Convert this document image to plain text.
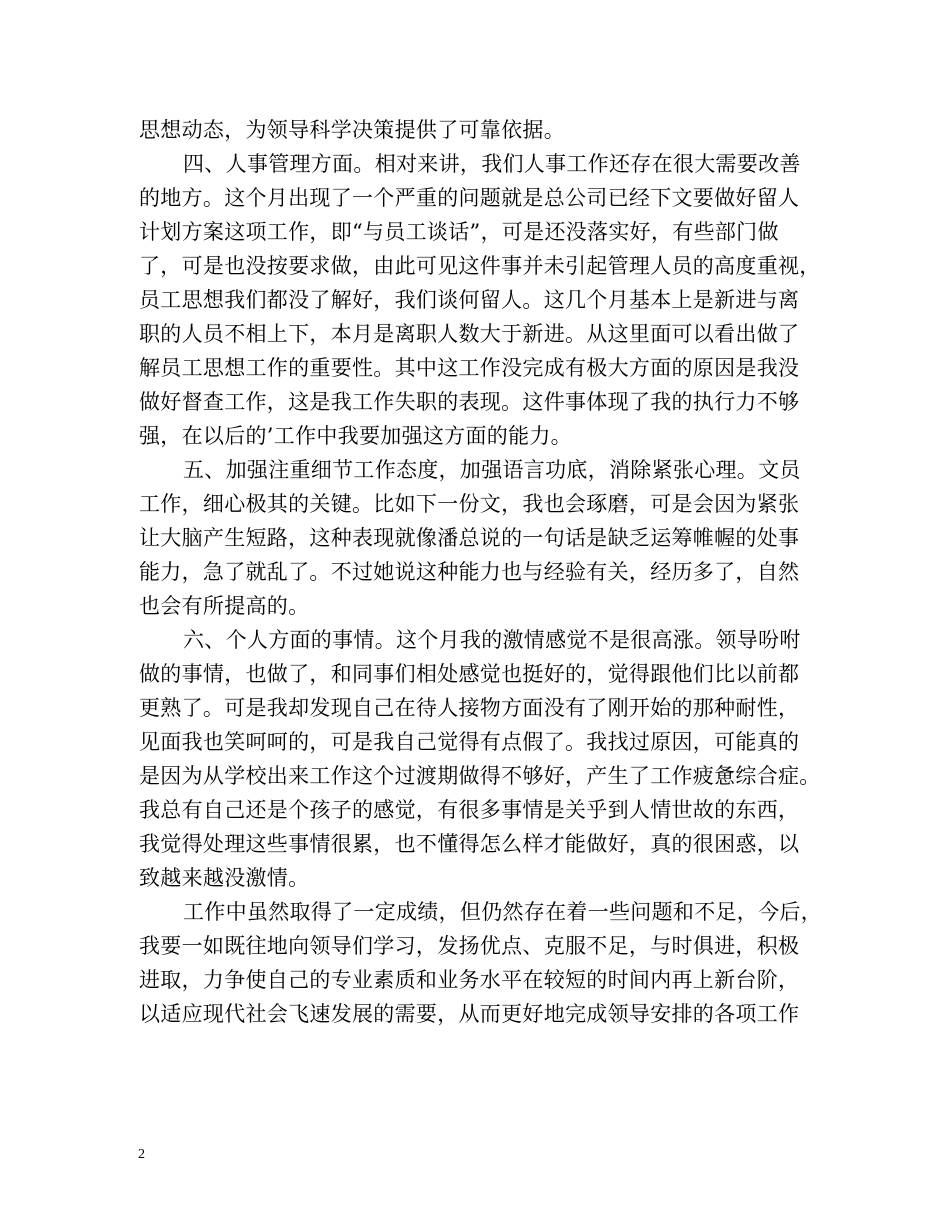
思想动态，为领导科学决策提供了可靠依据。
四、人事管理方面。相对来讲，我们人事工作还存在很大需要改善
的地方。这个月出现了一个严重的问题就是总公司已经下文要做好留人
计划方案这项工作，即“与员工谈话”，可是还没落实好，有些部门做
了，可是也没按要求做，由此可见这件事并未引起管理人员的高度重视，
员工思想我们都没了解好，我们谈何留人。这几个月基本上是新进与离
职的人员不相上下，本月是离职人数大于新进。从这里面可以看出做了
解员工思想工作的重要性。其中这工作没完成有极大方面的原因是我没
做好督查工作，这是我工作失职的表现。这件事体现了我的执行力不够
强，在以后的’工作中我要加强这方面的能力。
五、加强注重细节工作态度，加强语言功底，消除紧张心理。文员
工作，细心极其的关键。比如下一份文，我也会琢磨，可是会因为紧张
让大脑产生短路，这种表现就像潘总说的一句话是缺乏运筹帷幄的处事
能力，急了就乱了。不过她说这种能力也与经验有关，经历多了，自然
也会有所提高的。
六、个人方面的事情。这个月我的激情感觉不是很高涨。领导吩咐
做的事情，也做了，和同事们相处感觉也挺好的，觉得跟他们比以前都
更熟了。可是我却发现自己在待人接物方面没有了刚开始的那种耐性，
见面我也笑呵呵的，可是我自己觉得有点假了。我找过原因，可能真的
是因为从学校出来工作这个过渡期做得不够好，产生了工作疲惫综合症。
我总有自己还是个孩子的感觉，有很多事情是关乎到人情世故的东西，
我觉得处理这些事情很累，也不懂得怎么样才能做好，真的很困惑，以
致越来越没激情。
工作中虽然取得了一定成绩，但仍然存在着一些问题和不足，今后，
我要一如既往地向领导们学习，发扬优点、克服不足，与时俱进，积极
进取，力争使自己的专业素质和业务水平在较短的时间内再上新台阶，
以适应现代社会飞速发展的需要，从而更好地完成领导安排的各项工作
2
